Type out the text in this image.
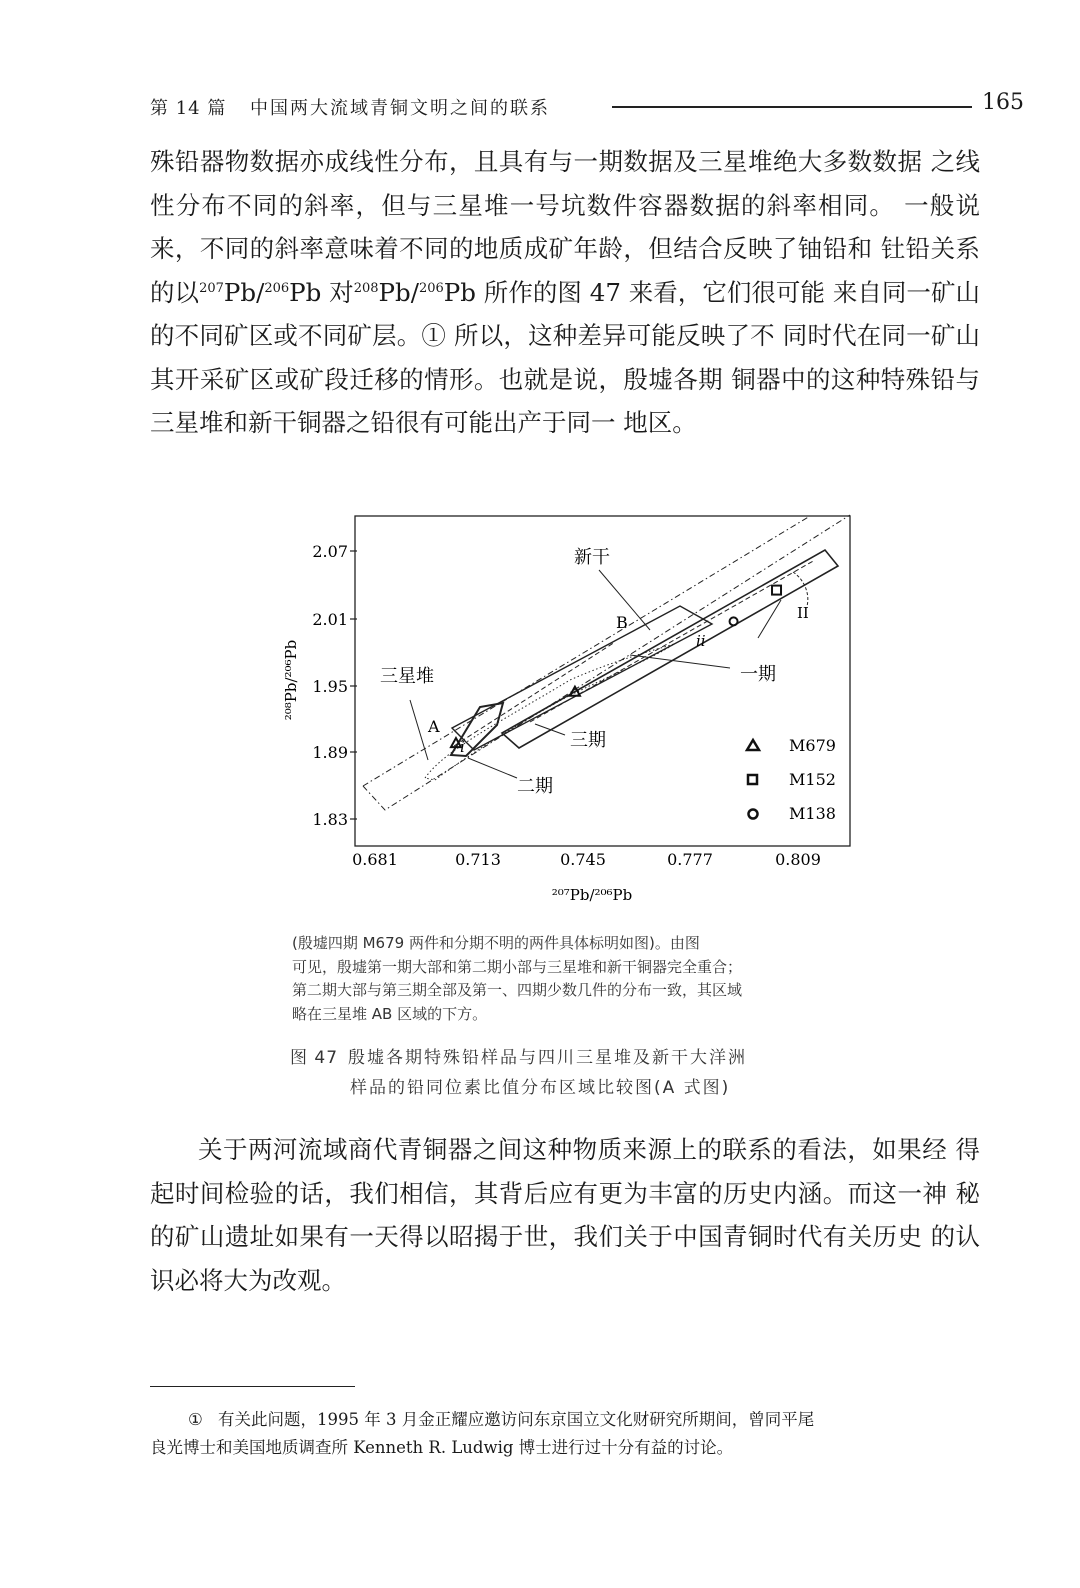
第 14 篇 中国两大流域青铜文明之间的联系	165

殊铅器物数据亦成线性分布，且具有与一期数据及三星堆绝大多数数据 之线性分布不同的斜率，但与三星堆一号坑数件容器数据的斜率相同。 一般说来，不同的斜率意味着不同的地质成矿年龄，但结合反映了铀铅和 钍铅关系的以$^{207}$Pb/$^{206}$Pb 对$^{208}$Pb/$^{206}$Pb 所作的图 47 来看，它们很可能 来自同一矿山的不同矿区或不同矿层。① 所以，这种差异可能反映了不 同时代在同一矿山其开采矿区或矿段迁移的情形。也就是说，殷墟各期 铜器中的这种特殊铅与三星堆和新干铜器之铅很有可能出产于同一 地区。

2.07
2.01
1.95
1.89
1.83
0.681	0.713	0.745	0.777	0.809
²⁰⁷Pb/²⁰⁶Pb
²⁰⁸Pb/²⁰⁶Pb	三星堆
新干
一期
二期
三期
A
B
i
ii
II
M679
M152
M138

(殷墟四期 M679 两件和分期不明的两件具体标明如图)。由图
可见，殷墟第一期大部和第二期小部与三星堆和新干铜器完全重合；
第二期大部与第三期全部及第一、四期少数几件的分布一致，其区域
略在三星堆 AB 区域的下方。

图 47 殷墟各期特殊铅样品与四川三星堆及新干大洋洲
样品的铅同位素比值分布区域比较图(A 式图)

关于两河流域商代青铜器之间这种物质来源上的联系的看法，如果经 得起时间检验的话，我们相信，其背后应有更为丰富的历史内涵。而这一神 秘的矿山遗址如果有一天得以昭揭于世，我们关于中国青铜时代有关历史 的认识必将大为改观。

① 有关此问题，1995 年 3 月金正耀应邀访问东京国立文化财研究所期间，曾同平尾
良光博士和美国地质调查所 Kenneth R. Ludwig 博士进行过十分有益的讨论。
